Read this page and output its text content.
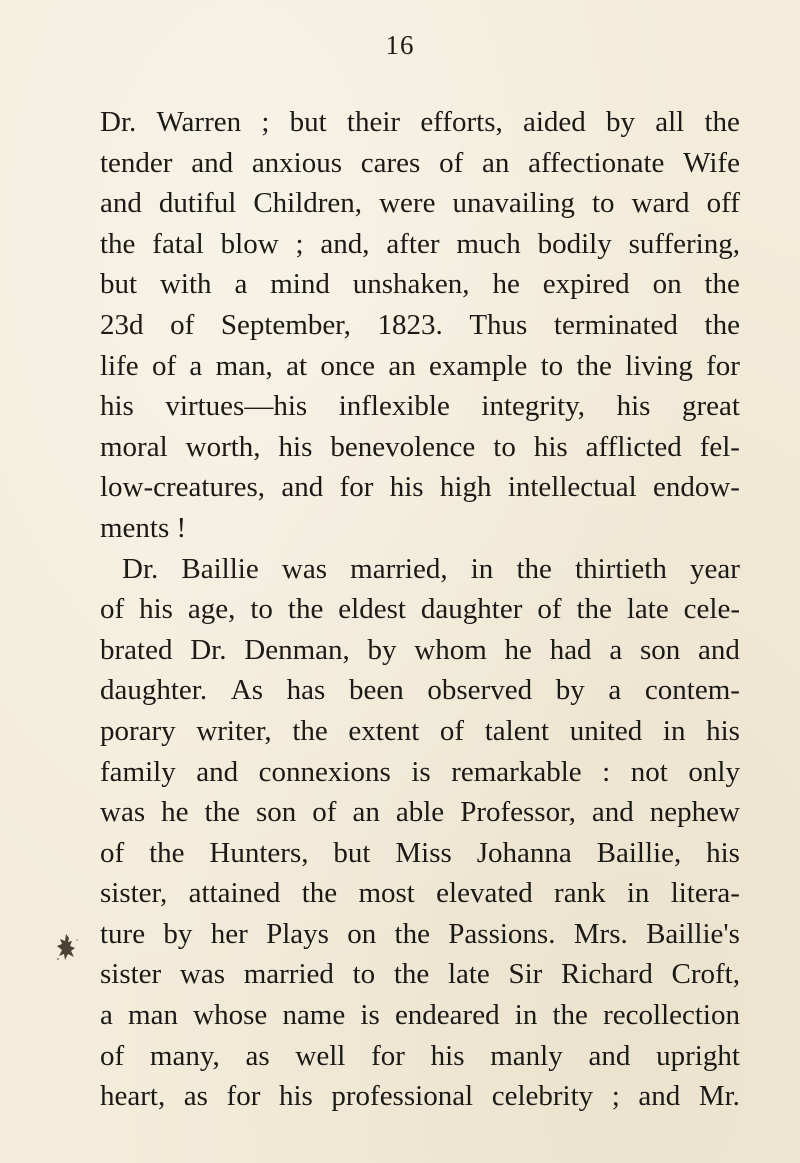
16
Dr. Warren ; but their efforts, aided by all the
tender and anxious cares of an affectionate Wife
and dutiful Children, were unavailing to ward off
the fatal blow ; and, after much bodily suffering,
but with a mind unshaken, he expired on the
23d of September, 1823. Thus terminated the
life of a man, at once an example to the living for
his virtues—his inflexible integrity, his great
moral worth, his benevolence to his afflicted fel-
low-creatures, and for his high intellectual endow-
ments
!
Dr. Baillie was married, in the thirtieth year
of his age, to the eldest daughter of the late cele-
brated Dr. Denman, by whom he had a son and
daughter. As has been observed by a contem-
porary writer, the extent of talent united in his
family and connexions is remarkable : not only
was he the son of an able Professor, and nephew
of the Hunters, but Miss Johanna Baillie, his
sister, attained the most elevated rank in litera-
ture by her Plays on the Passions. Mrs. Baillie's
sister was married to the late Sir Richard Croft,
a man whose name is endeared in the recollection
of many, as well for his manly and upright
heart, as for his professional celebrity ; and Mr.
